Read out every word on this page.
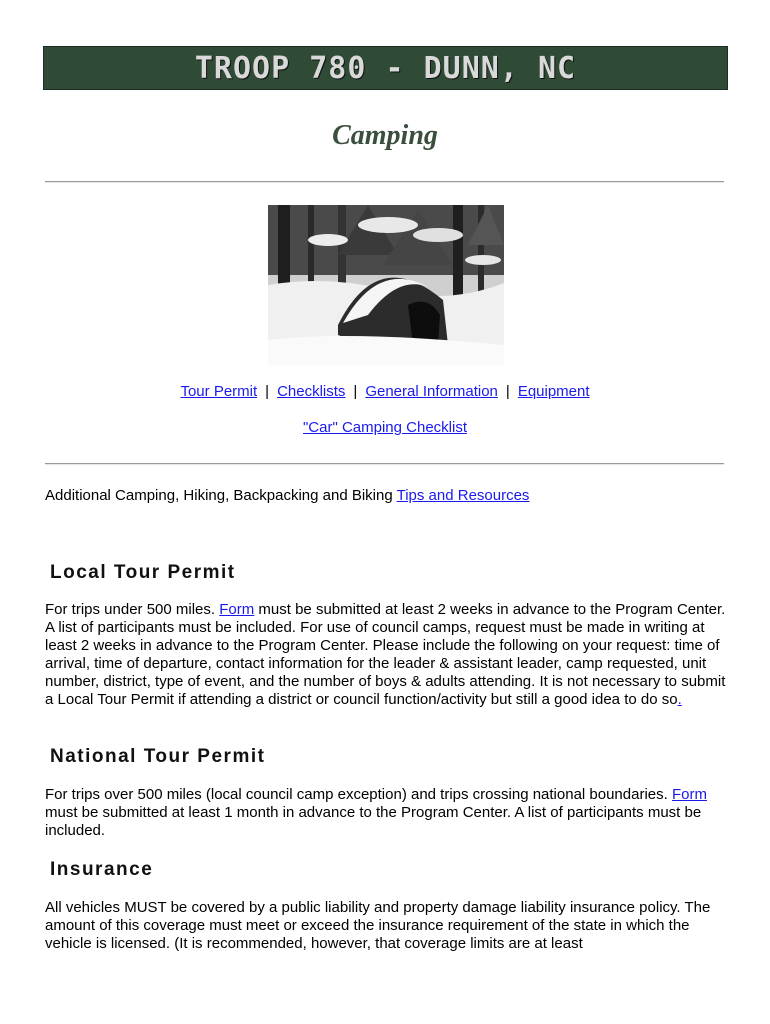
TROOP 780 - DUNN, NC
Camping
Tour Permit | Checklists | General Information | Equipment
"Car" Camping Checklist
Additional Camping, Hiking, Backpacking and Biking Tips and Resources
Local Tour Permit
For trips under 500 miles. Form must be submitted at least 2 weeks in advance to the Program Center. A list of participants must be included. For use of council camps, request must be made in writing at least 2 weeks in advance to the Program Center. Please include the following on your request: time of arrival, time of departure, contact information for the leader & assistant leader, camp requested, unit number, district, type of event, and the number of boys & adults attending. It is not necessary to submit a Local Tour Permit if attending a district or council function/activity but still a good idea to do so.
National Tour Permit
For trips over 500 miles (local council camp exception) and trips crossing national boundaries. Form must be submitted at least 1 month in advance to the Program Center. A list of participants must be included.
Insurance
All vehicles MUST be covered by a public liability and property damage liability insurance policy. The amount of this coverage must meet or exceed the insurance requirement of the state in which the vehicle is licensed. (It is recommended, however, that coverage limits are at least
